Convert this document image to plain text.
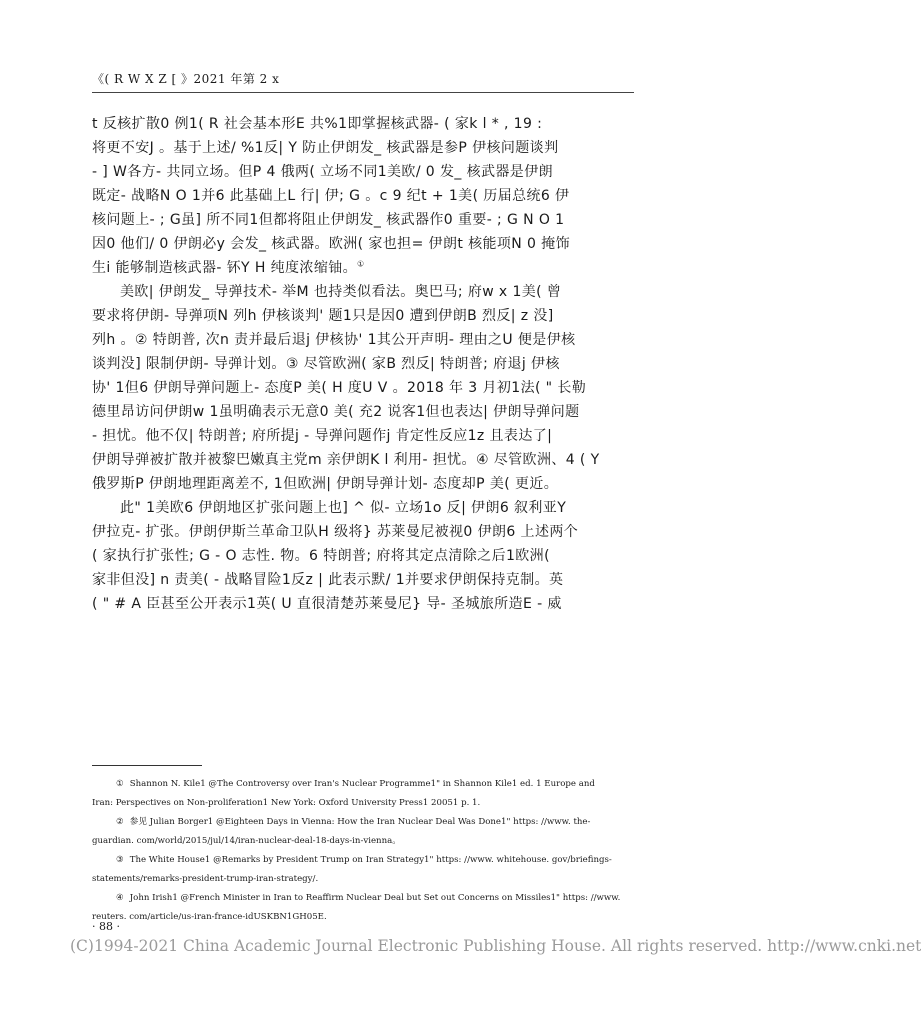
《( R W X Z [ 》2021 年第 2 x
t 反核扩散0 例1( R 社会基本形E 共%1即掌握核武器- ( 家k l * , 19 :
将更不安J 。基于上述/ %1反| Y 防止伊朗发_ 核武器是参P 伊核问题谈判
- ] W各方- 共同立场。但P 4 俄两( 立场不同1美欧/ 0 发_ 核武器是伊朗
既定- 战略N O 1并6 此基础上L 行| 伊; G 。c 9 纪t + 1美( 历届总统6 伊
核问题上- ; G虽] 所不同1但都将阻止伊朗发_ 核武器作0 重要- ; G N O 1
因0 他们/ 0 伊朗必y 会发_ 核武器。欧洲( 家也担= 伊朗t 核能项N 0 掩饰
生i 能够制造核武器- 钚Y H 纯度浓缩铀。①
美欧| 伊朗发_ 导弹技术- 举M 也持类似看法。奥巴马; 府w x 1美( 曾
要求将伊朗- 导弹项N 列h 伊核谈判' 题1只是因0 遭到伊朗B 烈反| z 没]
列h 。② 特朗普, 次n 责并最后退j 伊核协' 1其公开声明- 理由之U 便是伊核
谈判没] 限制伊朗- 导弹计划。③ 尽管欧洲( 家B 烈反| 特朗普; 府退j 伊核
协' 1但6 伊朗导弹问题上- 态度P 美( H 度U V 。2018 年 3 月初1法( " 长勒
德里昂访问伊朗w 1虽明确表示无意0 美( 充2 说客1但也表达| 伊朗导弹问题
- 担忧。他不仅| 特朗普; 府所提j - 导弹问题作j 肯定性反应1z 且表达了|
伊朗导弹被扩散并被黎巴嫩真主党m 亲伊朗K l 利用- 担忧。④ 尽管欧洲、4 ( Y
俄罗斯P 伊朗地理距离差不, 1但欧洲| 伊朗导弹计划- 态度却P 美( 更近。
此" 1美欧6 伊朗地区扩张问题上也] ^ 似- 立场1o 反| 伊朗6 叙利亚Y
伊拉克- 扩张。伊朗伊斯兰革命卫队H 级将} 苏莱曼尼被视0 伊朗6 上述两个
( 家执行扩张性; G - O 志性. 物。6 特朗普; 府将其定点清除之后1欧洲(
家非但没] n 责美( - 战略冒险1反z | 此表示默/ 1并要求伊朗保持克制。英
( " # A 臣甚至公开表示1英( U 直很清楚苏莱曼尼} 导- 圣城旅所造E - 威
① Shannon N. Kile1 @The Controversy over Iran's Nuclear Programme1" in Shannon Kile1 ed. 1 Europe and
Iran: Perspectives on Non-proliferation1 New York: Oxford University Press1 20051 p. 1.
② 参见 Julian Borger1 @Eighteen Days in Vienna: How the Iran Nuclear Deal Was Done1" https: //www. the-
guardian. com/world/2015/jul/14/iran-nuclear-deal-18-days-in-vienna。
③ The White House1 @Remarks by President Trump on Iran Strategy1" https: //www. whitehouse. gov/briefings-
statements/remarks-president-trump-iran-strategy/.
④ John Irish1 @French Minister in Iran to Reaffirm Nuclear Deal but Set out Concerns on Missiles1" https: //www.
reuters. com/article/us-iran-france-idUSKBN1GH05E.
· 88 ·
(C)1994-2021 China Academic Journal Electronic Publishing House. All rights reserved. http://www.cnki.net
